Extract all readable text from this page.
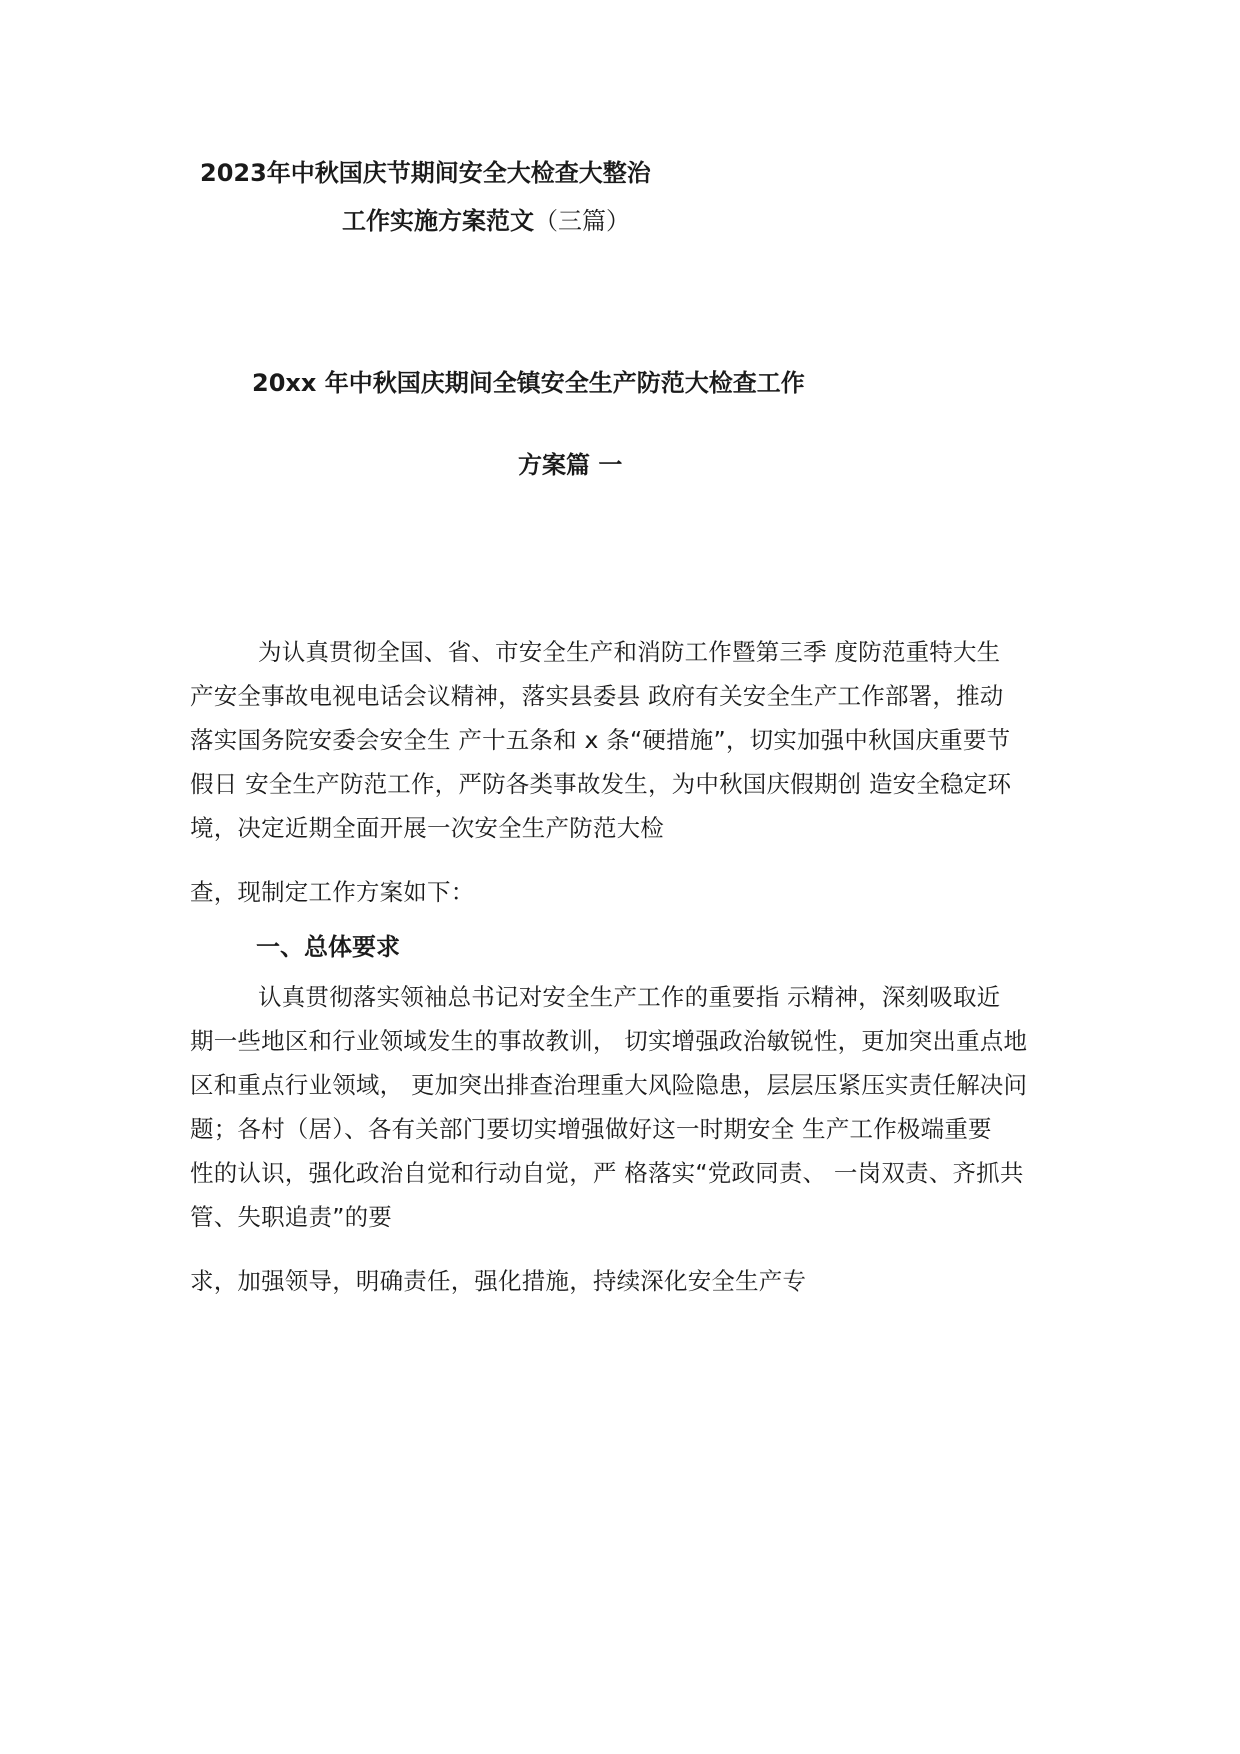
2023年中秋国庆节期间安全大检查大整治
工作实施方案范文（三篇）
20xx 年中秋国庆期间全镇安全生产防范大检查工作
方案篇 一
为认真贯彻全国、省、市安全生产和消防工作暨第三季 度防范重特大生
产安全事故电视电话会议精神，落实县委县 政府有关安全生产工作部署，推动
落实国务院安委会安全生 产十五条和 x 条“硬措施”，切实加强中秋国庆重要节
假日 安全生产防范工作，严防各类事故发生，为中秋国庆假期创 造安全稳定环
境，决定近期全面开展一次安全生产防范大检
查，现制定工作方案如下：
一、总体要求
认真贯彻落实领袖总书记对安全生产工作的重要指 示精神，深刻吸取近
期一些地区和行业领域发生的事故教训， 切实增强政治敏锐性，更加突出重点地
区和重点行业领域， 更加突出排查治理重大风险隐患，层层压紧压实责任解决问
题；各村（居）、各有关部门要切实增强做好这一时期安全 生产工作极端重要
性的认识，强化政治自觉和行动自觉，严 格落实“党政同责、 一岗双责、齐抓共
管、失职追责”的要
求，加强领导，明确责任，强化措施，持续深化安全生产专
